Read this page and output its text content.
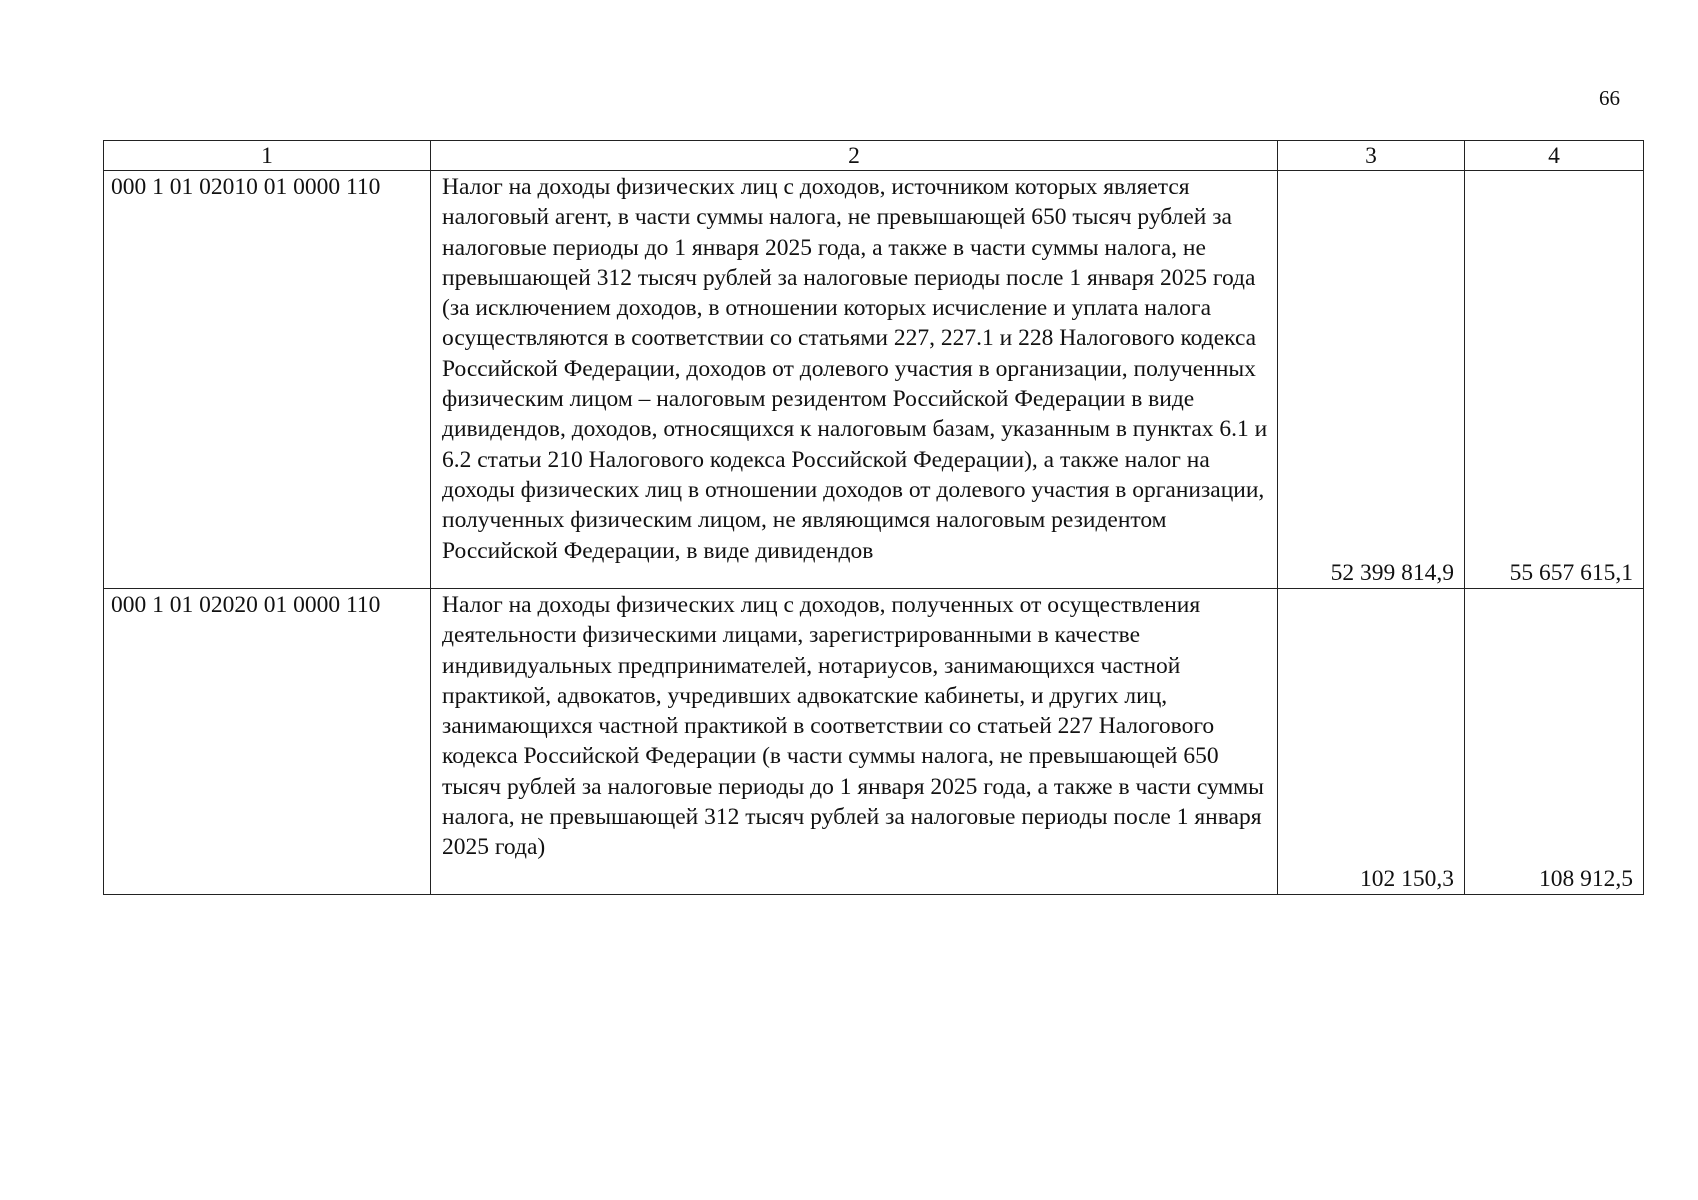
66
1	2	3	4
000 1 01 02010 01 0000 110	Налог на доходы физических лиц с доходов, источником которых является налоговый агент, в части суммы налога, не превышающей 650 тысяч рублей за налоговые периоды до 1 января 2025 года, а также в части суммы налога, не превышающей 312 тысяч рублей за налоговые периоды после 1 января 2025 года (за исключением доходов, в отношении которых исчисление и уплата налога осуществляются в соответствии со статьями 227, 227.1 и 228 Налогового кодекса Российской Федерации, доходов от долевого участия в организации, полученных физическим лицом – налоговым резидентом Российской Федерации в виде дивидендов, доходов, относящихся к налоговым базам, указанным в пунктах 6.1 и 6.2 статьи 210 Налогового кодекса Российской Федерации), а также налог на доходы физических лиц в отношении доходов от долевого участия в организации, полученных физическим лицом, не являющимся налоговым резидентом Российской Федерации, в виде дивидендов	52 399 814,9	55 657 615,1
000 1 01 02020 01 0000 110	Налог на доходы физических лиц с доходов, полученных от осуществления деятельности физическими лицами, зарегистрированными в качестве индивидуальных предпринимателей, нотариусов, занимающихся частной практикой, адвокатов, учредивших адвокатские кабинеты, и других лиц, занимающихся частной практикой в соответствии со статьей 227 Налогового кодекса Российской Федерации (в части суммы налога, не превышающей 650 тысяч рублей за налоговые периоды до 1 января 2025 года, а также в части суммы налога, не превышающей 312 тысяч рублей за налоговые периоды после 1 января 2025 года)	102 150,3	108 912,5
